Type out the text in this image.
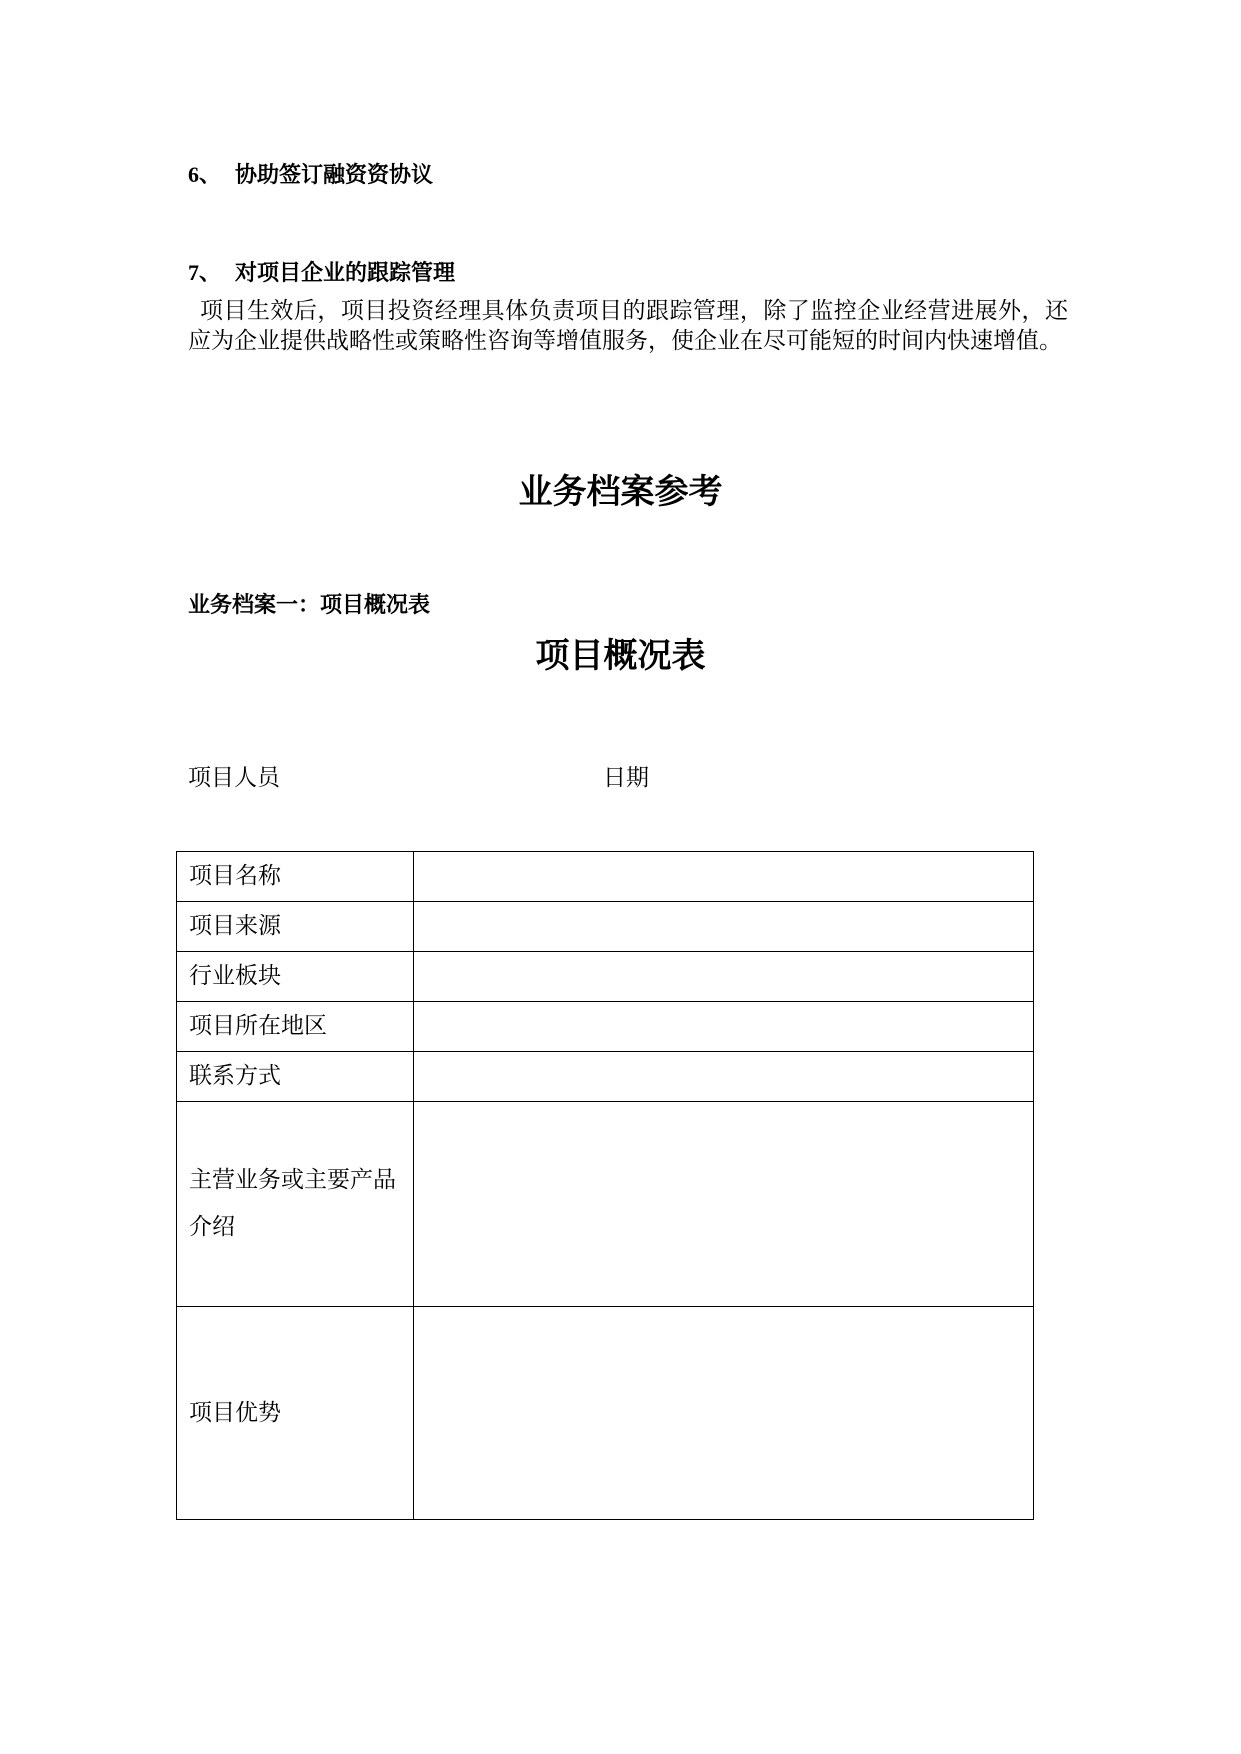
6、 协助签订融资资协议
7、 对项目企业的跟踪管理
项目生效后，项目投资经理具体负责项目的跟踪管理，除了监控企业经营进展外，还应为企业提供战略性或策略性咨询等增值服务，使企业在尽可能短的时间内快速增值。
业务档案参考
业务档案一：项目概况表
项目概况表
项目人员	日期
项目名称	
项目来源	
行业板块	
项目所在地区	
联系方式	
主营业务或主要产品介绍	
项目优势	
